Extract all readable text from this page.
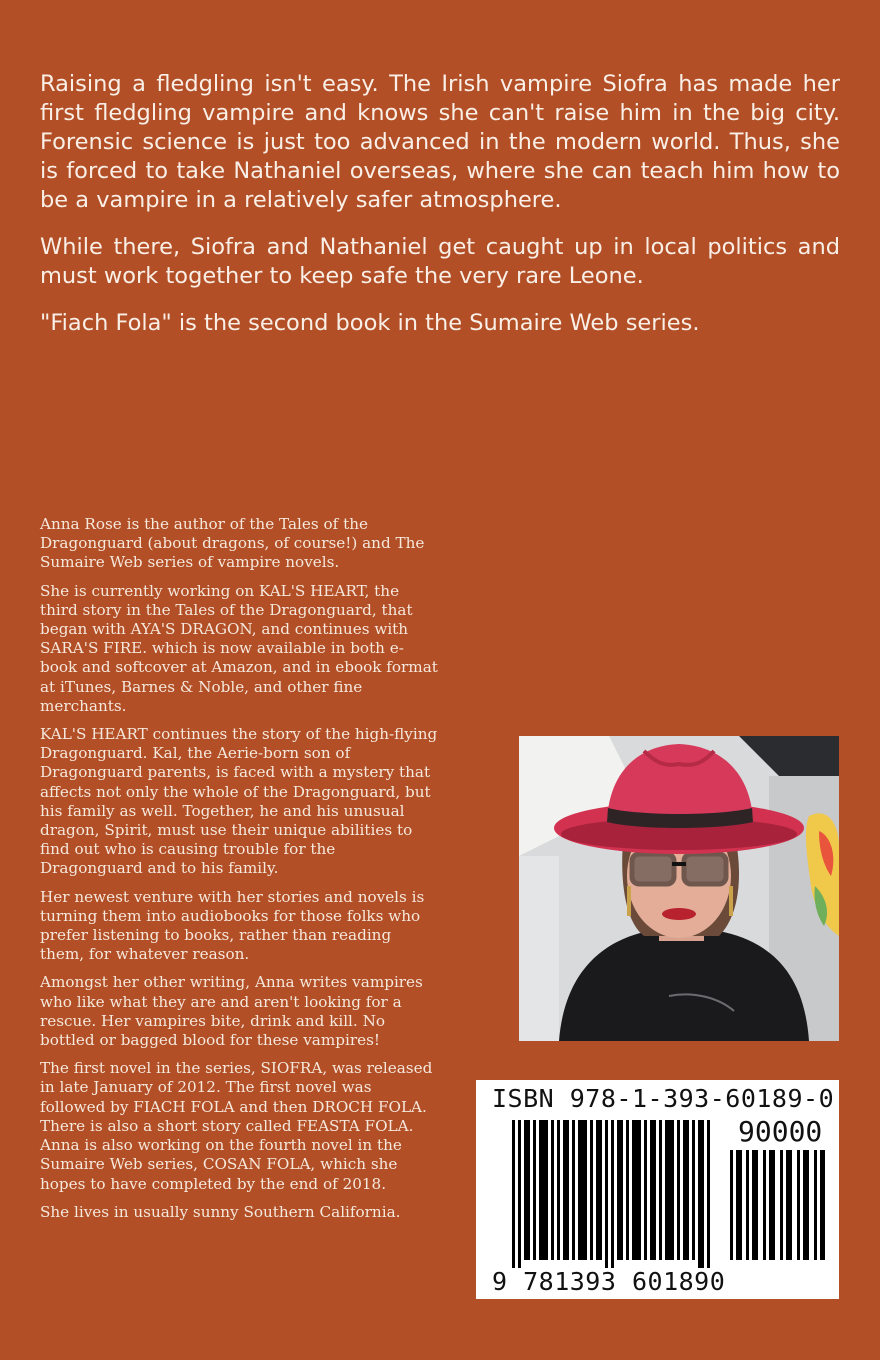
Raising a fledgling isn't easy. The Irish vampire Siofra has made her first fledgling vampire and knows she can't raise him in the big city. Forensic science is just too advanced in the modern world. Thus, she is forced to take Nathaniel overseas, where she can teach him how to be a vampire in a relatively safer atmosphere.

While there, Siofra and Nathaniel get caught up in local politics and must work together to keep safe the very rare Leone.

"Fiach Fola" is the second book in the Sumaire Web series.

Anna Rose is the author of the Tales of the Dragonguard (about dragons, of course!) and The Sumaire Web series of vampire novels.

She is currently working on KAL'S HEART, the third story in the Tales of the Dragonguard, that began with AYA'S DRAGON, and continues with SARA'S FIRE. which is now available in both e-book and softcover at Amazon, and in ebook format at iTunes, Barnes & Noble, and other fine merchants.

KAL'S HEART continues the story of the high-flying Dragonguard. Kal, the Aerie-born son of Dragonguard parents, is faced with a mystery that affects not only the whole of the Dragonguard, but his family as well. Together, he and his unusual dragon, Spirit, must use their unique abilities to find out who is causing trouble for the Dragonguard and to his family.

Her newest venture with her stories and novels is turning them into audiobooks for those folks who prefer listening to books, rather than reading them, for whatever reason.

Amongst her other writing, Anna writes vampires who like what they are and aren't looking for a rescue. Her vampires bite, drink and kill. No bottled or bagged blood for these vampires!

The first novel in the series, SIOFRA, was released in late January of 2012. The first novel was followed by FIACH FOLA and then DROCH FOLA. There is also a short story called FEASTA FOLA.

Anna is also working on the fourth novel in the Sumaire Web series, COSAN FOLA, which she hopes to have completed by the end of 2018.

She lives in usually sunny Southern California.

ISBN 978-1-393-60189-0
90000
9 781393 601890
